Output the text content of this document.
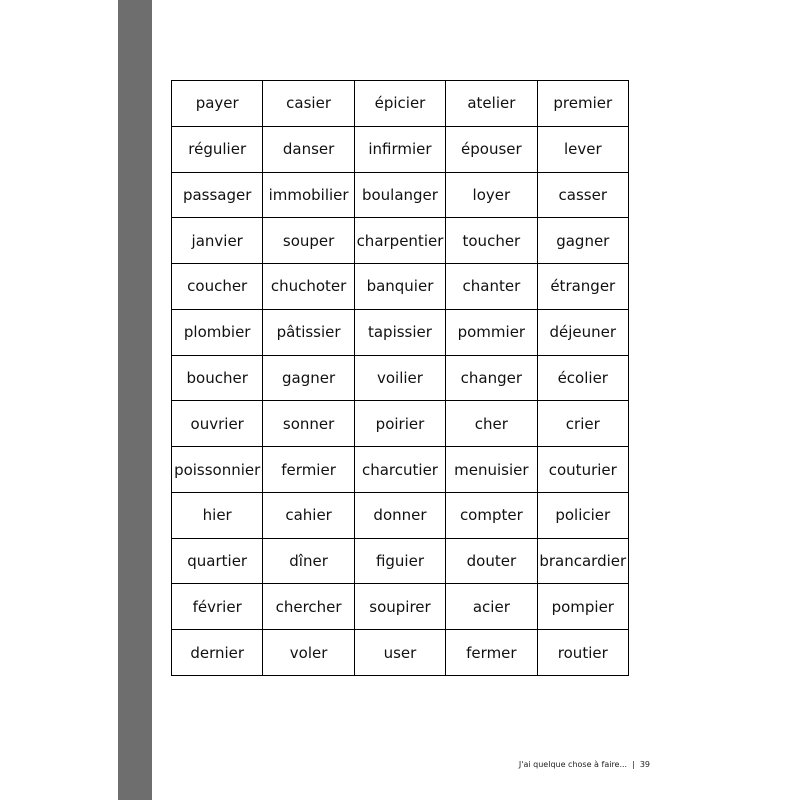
payer	casier	épicier	atelier	premier
régulier	danser	infirmier	épouser	lever
passager	immobilier	boulanger	loyer	casser
janvier	souper	charpentier	toucher	gagner
coucher	chuchoter	banquier	chanter	étranger
plombier	pâtissier	tapissier	pommier	déjeuner
boucher	gagner	voilier	changer	écolier
ouvrier	sonner	poirier	cher	crier
poissonnier	fermier	charcutier	menuisier	couturier
hier	cahier	donner	compter	policier
quartier	dîner	figuier	douter	brancardier
février	chercher	soupirer	acier	pompier
dernier	voler	user	fermer	routier
J'ai quelque chose à faire... | 39
